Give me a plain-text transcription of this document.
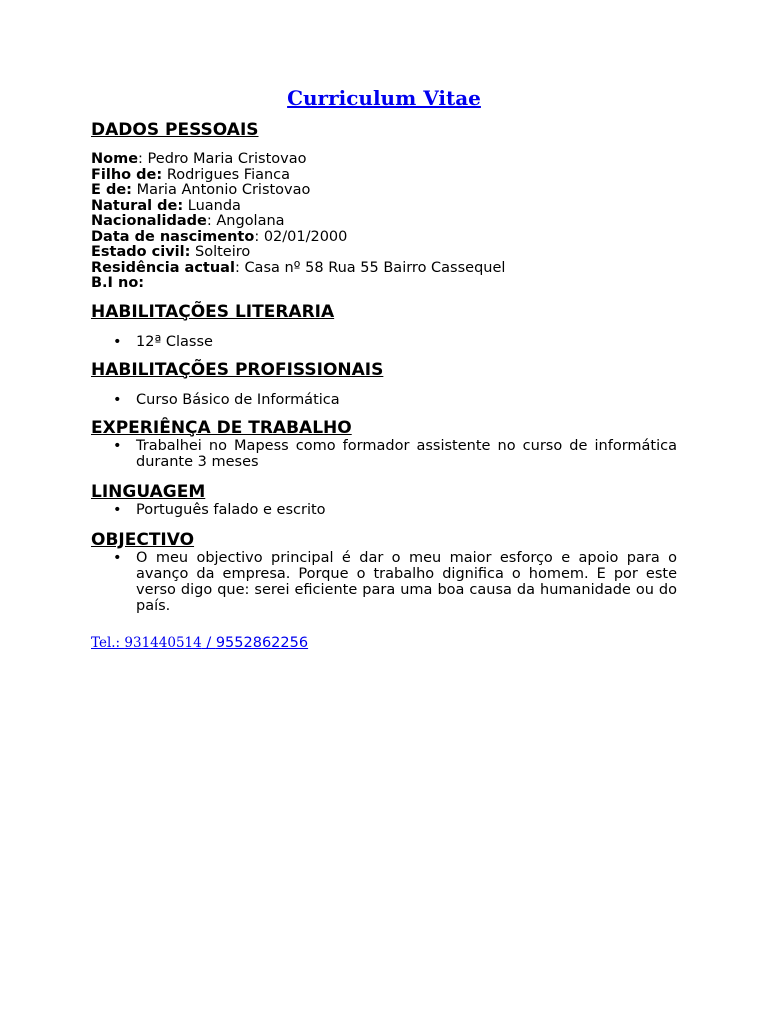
Curriculum Vitae
DADOS PESSOAIS
Nome: Pedro Maria Cristovao
Filho de: Rodrigues Fianca
E de: Maria Antonio Cristovao
Natural de: Luanda
Nacionalidade: Angolana
Data de nascimento: 02/01/2000
Estado civil: Solteiro
Residência actual: Casa nº 58 Rua 55 Bairro Cassequel
B.I no:
HABILITAÇÕES LITERARIA
• 12ª Classe
HABILITAÇÕES PROFISSIONAIS
• Curso Básico de Informática
EXPERIÊNÇA DE TRABALHO
• Trabalhei no Mapess como formador assistente no curso de informática durante 3 meses
LINGUAGEM
• Português falado e escrito
OBJECTIVO
• O meu objectivo principal é dar o meu maior esforço e apoio para o avanço da empresa. Porque o trabalho dignifica o homem. E por este verso digo que: serei eficiente para uma boa causa da humanidade ou do país.
Tel.: 931440514 / 9552862256
